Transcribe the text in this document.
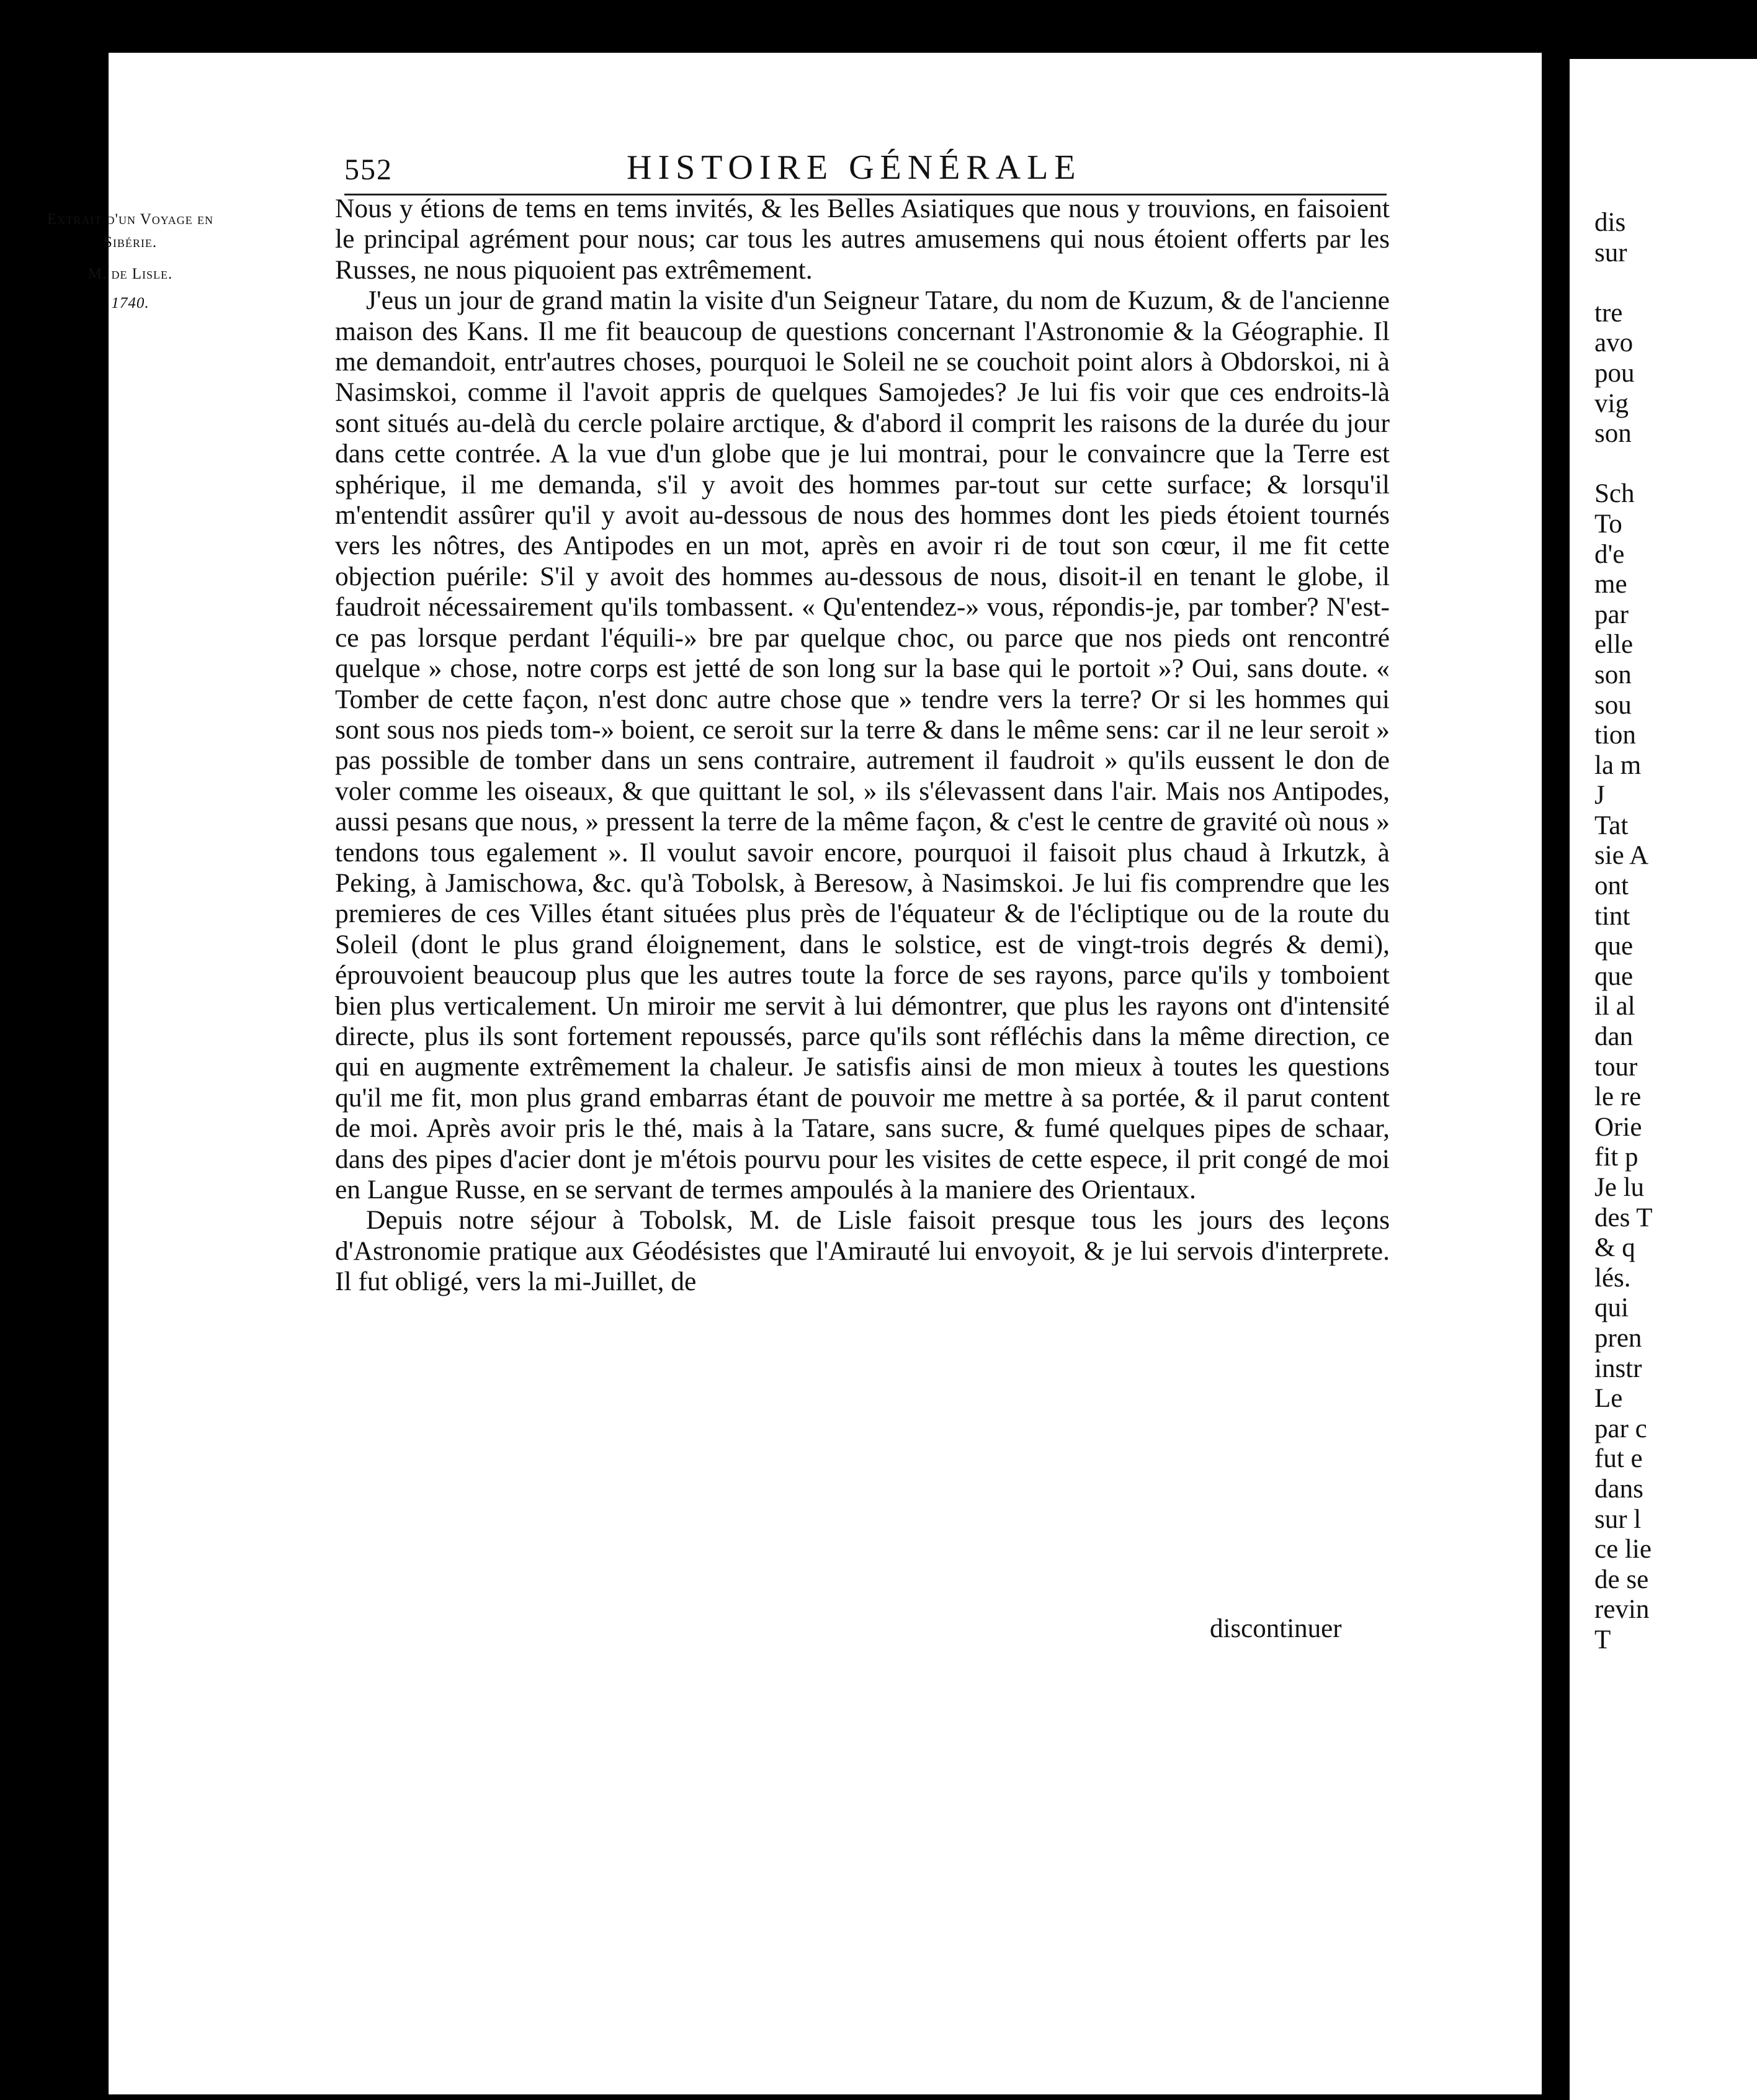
dis
sur
tre
avo
pou
vig
son
Sch
To
d'e
me
par
elle
son
sou
tion
la m
J
Tat
sie A
ont
tint
que
que
il al
dan
tour
le re
Orie
fit p
Je lu
des T
& q
lés.
qui
pren
instr
Le
par c
fut e
dans
sur l
ce lie
de se
revin
T
552	HISTOIRE GÉNÉRALE
Extrait d'un Voyage en Sibérie.
M. de Lisle.
1740.

Nous y étions de tems en tems invités, & les Belles Asiatiques que nous y trouvions, en faisoient le principal agrément pour nous; car tous les autres amusemens qui nous étoient offerts par les Russes, ne nous piquoient pas extrêmement.

J'eus un jour de grand matin la visite d'un Seigneur Tatare, du nom de Kuzum, & de l'ancienne maison des Kans. Il me fit beaucoup de questions concernant l'Astronomie & la Géographie. Il me demandoit, entr'autres choses, pourquoi le Soleil ne se couchoit point alors à Obdorskoi, ni à Nasimskoi, comme il l'avoit appris de quelques Samojedes? Je lui fis voir que ces endroits-là sont situés au-delà du cercle polaire arctique, & d'abord il comprit les raisons de la durée du jour dans cette contrée. A la vue d'un globe que je lui montrai, pour le convaincre que la Terre est sphérique, il me demanda, s'il y avoit des hommes par-tout sur cette surface; & lorsqu'il m'entendit assûrer qu'il y avoit au-dessous de nous des hommes dont les pieds étoient tournés vers les nôtres, des Antipodes en un mot, après en avoir ri de tout son cœur, il me fit cette objection puérile: S'il y avoit des hommes au-dessous de nous, disoit-il en tenant le globe, il faudroit nécessairement qu'ils tombassent. « Qu'entendez-» vous, répondis-je, par tomber? N'est-ce pas lorsque perdant l'équili-» bre par quelque choc, ou parce que nos pieds ont rencontré quelque » chose, notre corps est jetté de son long sur la base qui le portoit »? Oui, sans doute. « Tomber de cette façon, n'est donc autre chose que » tendre vers la terre? Or si les hommes qui sont sous nos pieds tom-» boient, ce seroit sur la terre & dans le même sens: car il ne leur seroit » pas possible de tomber dans un sens contraire, autrement il faudroit » qu'ils eussent le don de voler comme les oiseaux, & que quittant le sol, » ils s'élevassent dans l'air. Mais nos Antipodes, aussi pesans que nous, » pressent la terre de la même façon, & c'est le centre de gravité où nous » tendons tous egalement ». Il voulut savoir encore, pourquoi il faisoit plus chaud à Irkutzk, à Peking, à Jamischowa, &c. qu'à Tobolsk, à Beresow, à Nasimskoi. Je lui fis comprendre que les premieres de ces Villes étant situées plus près de l'équateur & de l'écliptique ou de la route du Soleil (dont le plus grand éloignement, dans le solstice, est de vingt-trois degrés & demi), éprouvoient beaucoup plus que les autres toute la force de ses rayons, parce qu'ils y tomboient bien plus verticalement. Un miroir me servit à lui démontrer, que plus les rayons ont d'intensité directe, plus ils sont fortement repoussés, parce qu'ils sont réfléchis dans la même direction, ce qui en augmente extrêmement la chaleur. Je satisfis ainsi de mon mieux à toutes les questions qu'il me fit, mon plus grand embarras étant de pouvoir me mettre à sa portée, & il parut content de moi. Après avoir pris le thé, mais à la Tatare, sans sucre, & fumé quelques pipes de schaar, dans des pipes d'acier dont je m'étois pourvu pour les visites de cette espece, il prit congé de moi en Langue Russe, en se servant de termes ampoulés à la maniere des Orientaux.

Depuis notre séjour à Tobolsk, M. de Lisle faisoit presque tous les jours des leçons d'Astronomie pratique aux Géodésistes que l'Amirauté lui envoyoit, & je lui servois d'interprete. Il fut obligé, vers la mi-Juillet, de

discontinuer
